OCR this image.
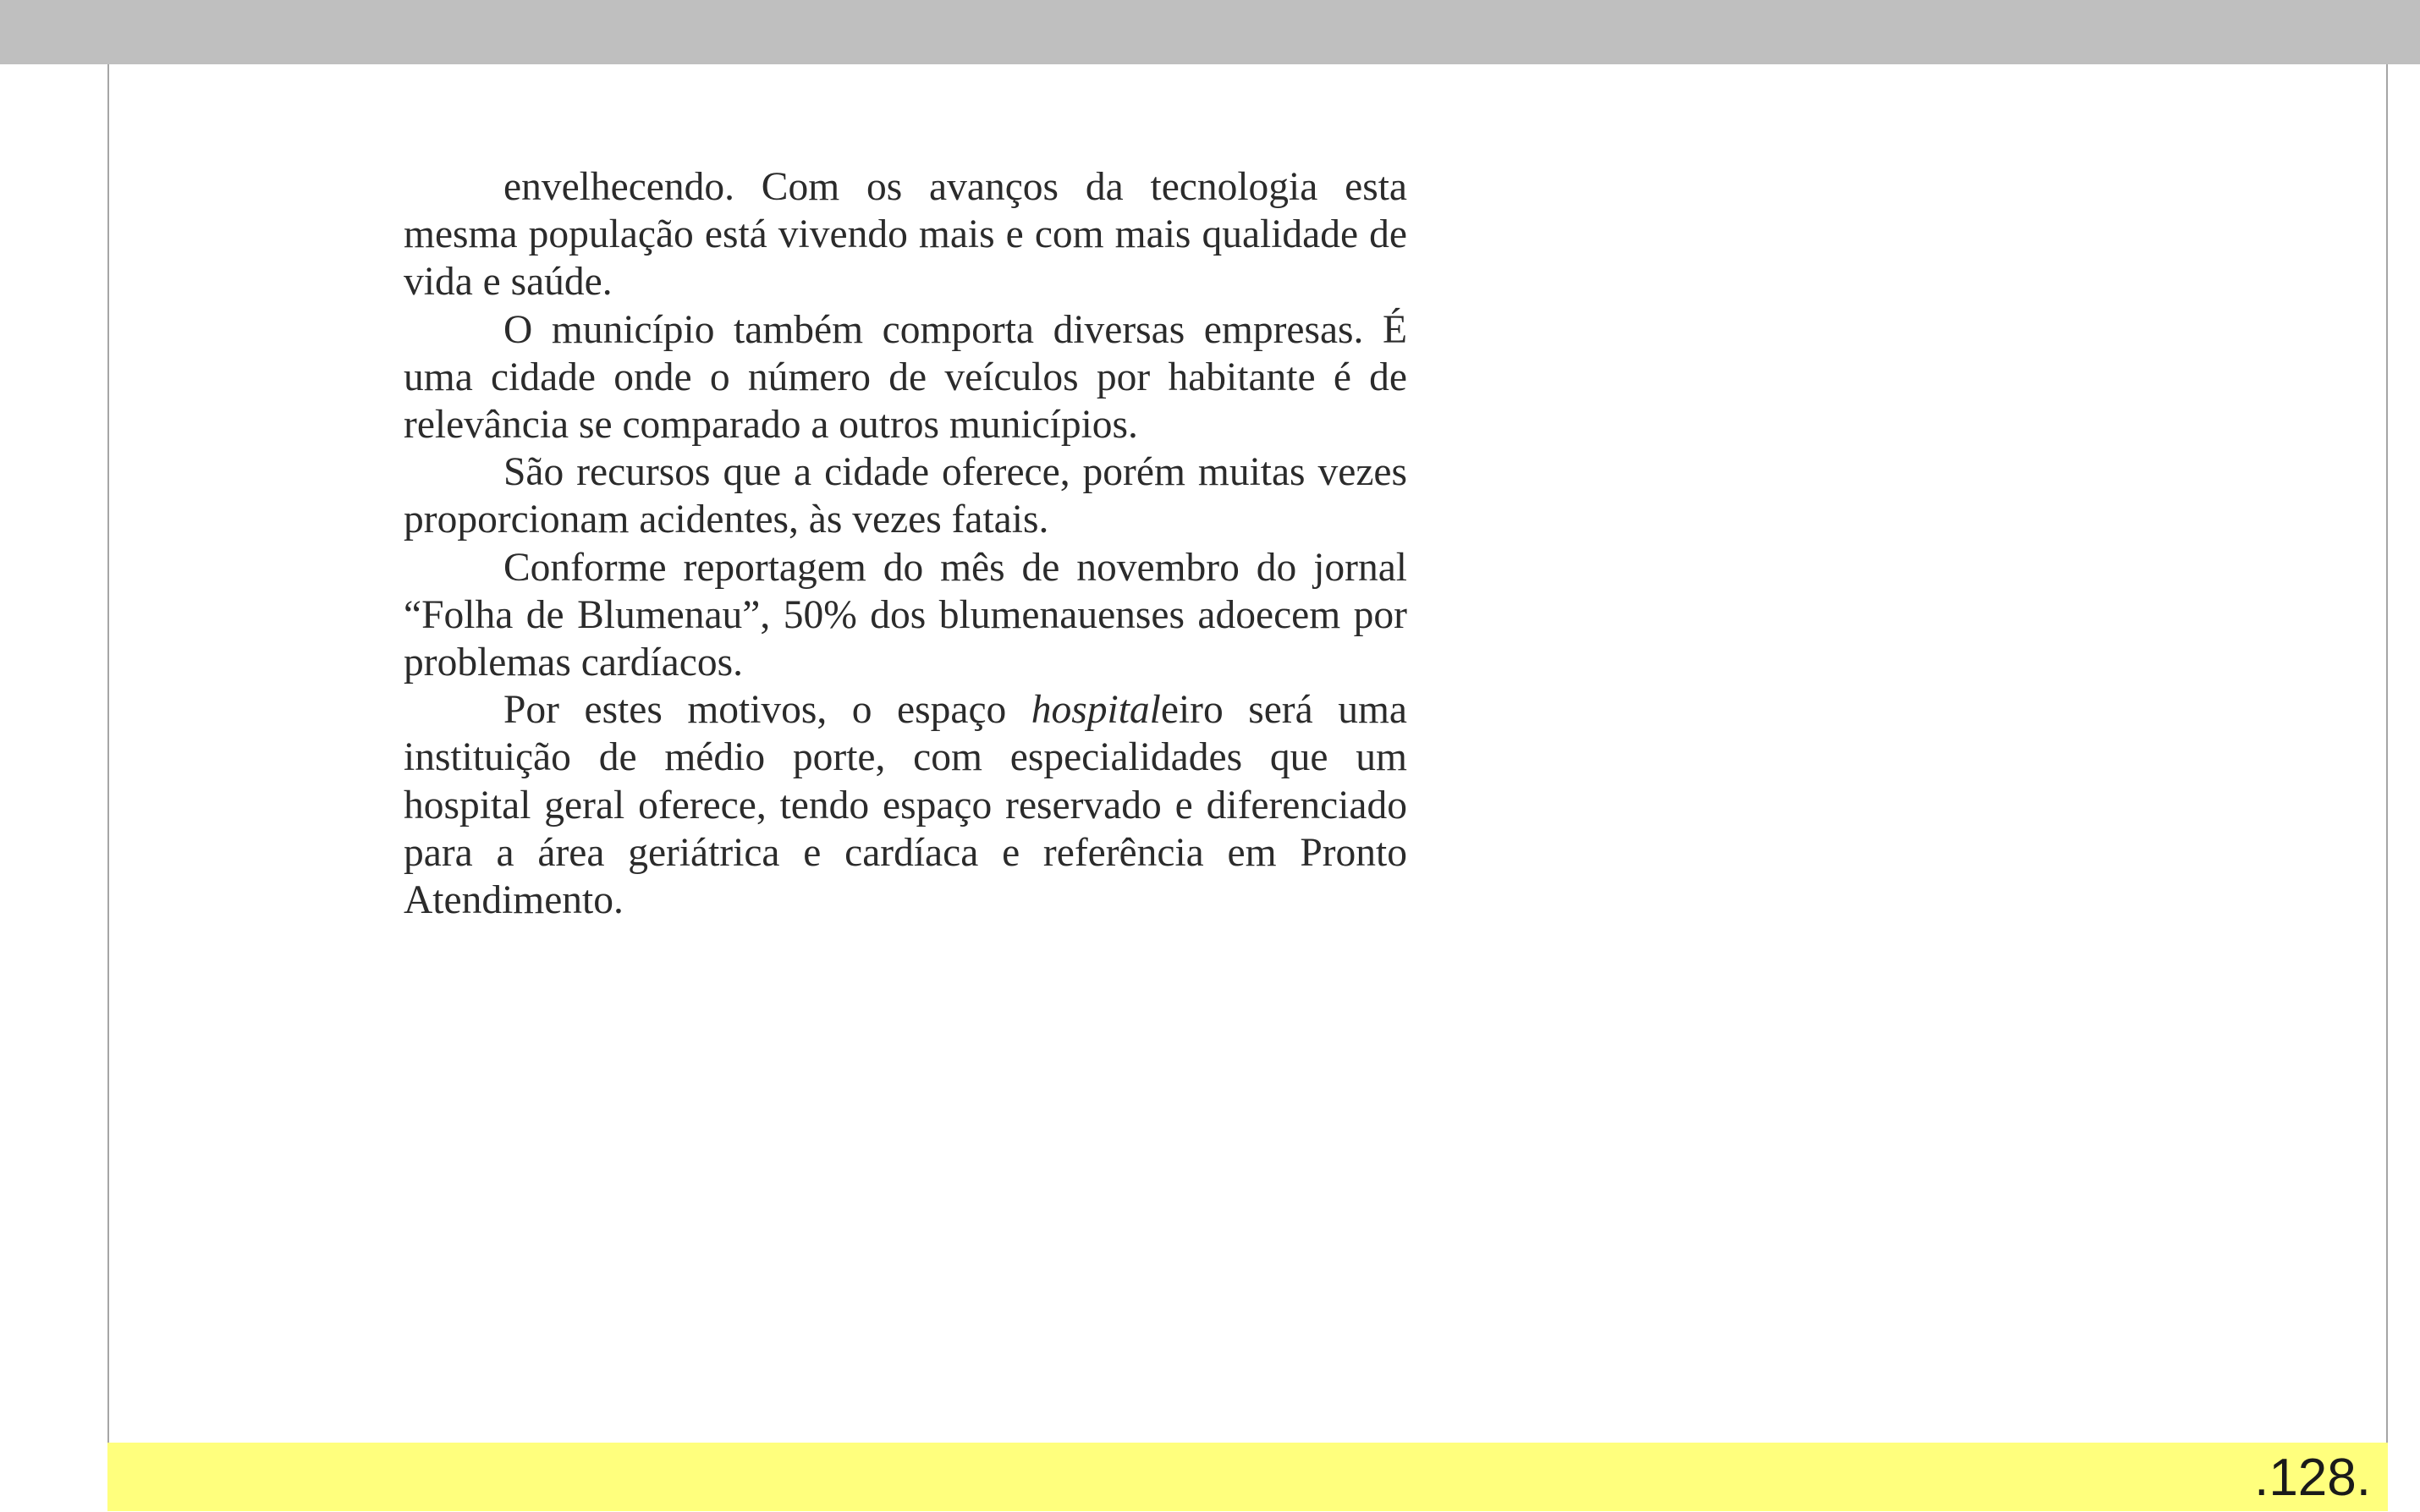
envelhecendo. Com os avanços da tecnologia esta mesma população está vivendo mais e com mais qualidade de vida e saúde.

O município também comporta diversas empresas. É uma cidade onde o número de veículos por habitante é de relevância se comparado a outros municípios.

São recursos que a cidade oferece, porém muitas vezes proporcionam acidentes, às vezes fatais.

Conforme reportagem do mês de novembro do jornal “Folha de Blumenau”, 50% dos blumenauenses adoecem por problemas cardíacos.

Por estes motivos, o espaço hospitaleiro será uma instituição de médio porte, com especialidades que um hospital geral oferece, tendo espaço reservado e diferenciado para a área geriátrica e cardíaca e referência em Pronto Atendimento.

.128.
